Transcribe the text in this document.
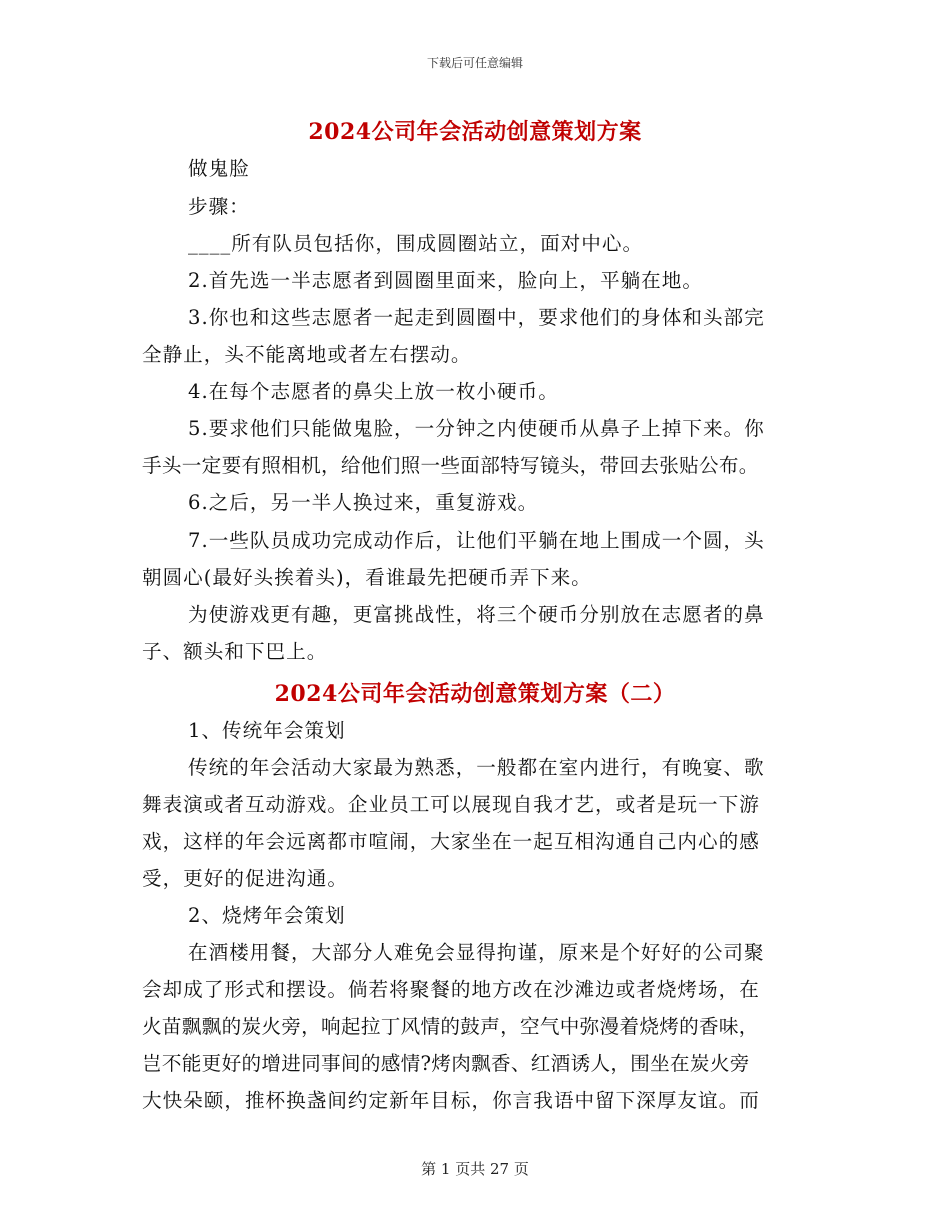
下载后可任意编辑
2024公司年会活动创意策划方案
做鬼脸
步骤：
____所有队员包括你，围成圆圈站立，面对中心。
2.首先选一半志愿者到圆圈里面来，脸向上，平躺在地。
3.你也和这些志愿者一起走到圆圈中，要求他们的身体和头部完
全静止，头不能离地或者左右摆动。
4.在每个志愿者的鼻尖上放一枚小硬币。
5.要求他们只能做鬼脸，一分钟之内使硬币从鼻子上掉下来。你
手头一定要有照相机，给他们照一些面部特写镜头，带回去张贴公布。
6.之后，另一半人换过来，重复游戏。
7.一些队员成功完成动作后，让他们平躺在地上围成一个圆，头
朝圆心(最好头挨着头)，看谁最先把硬币弄下来。
为使游戏更有趣，更富挑战性，将三个硬币分别放在志愿者的鼻
子、额头和下巴上。
2024公司年会活动创意策划方案（二）
1、传统年会策划
传统的年会活动大家最为熟悉，一般都在室内进行，有晚宴、歌
舞表演或者互动游戏。企业员工可以展现自我才艺，或者是玩一下游
戏，这样的年会远离都市喧闹，大家坐在一起互相沟通自己内心的感
受，更好的促进沟通。
2、烧烤年会策划
在酒楼用餐，大部分人难免会显得拘谨，原来是个好好的公司聚
会却成了形式和摆设。倘若将聚餐的地方改在沙滩边或者烧烤场，在
火苗飘飘的炭火旁，响起拉丁风情的鼓声，空气中弥漫着烧烤的香味，
岂不能更好的增进同事间的感情?烤肉飘香、红酒诱人，围坐在炭火旁
大快朵颐，推杯换盏间约定新年目标，你言我语中留下深厚友谊。而
第 1 页共 27 页
